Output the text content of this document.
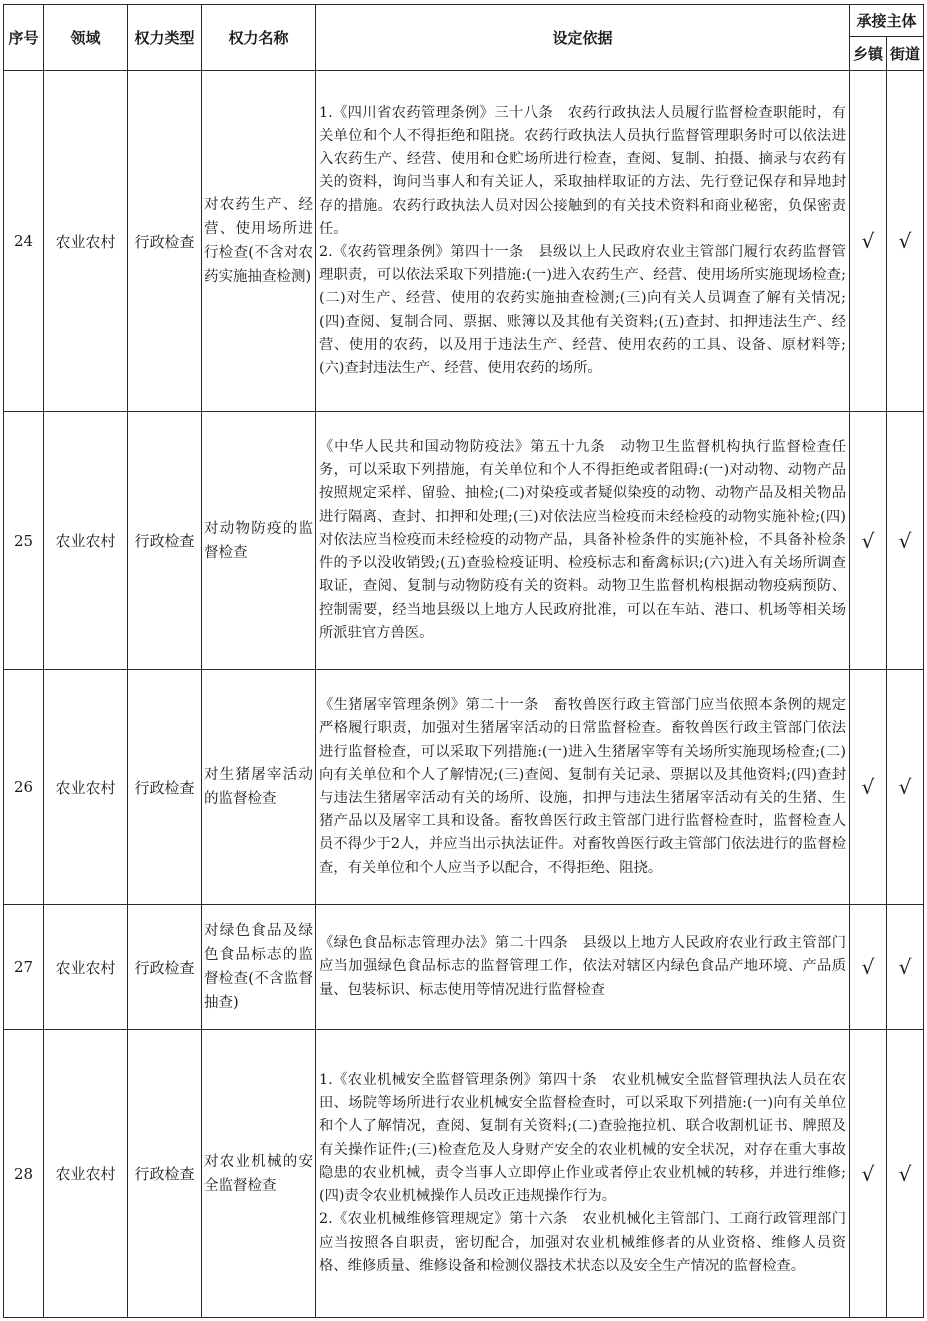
序号	领域	权力类型	权力名称	设定依据	承接主体	
					乡镇	街道
24	农业农村	行政检查	对农药生产、经营、使用场所进行检查(不含对农药实施抽查检测)	1.《四川省农药管理条例》三十八条　农药行政执法人员履行监督检查职能时，有关单位和个人不得拒绝和阻挠。农药行政执法人员执行监督管理职务时可以依法进入农药生产、经营、使用和仓贮场所进行检查，查阅、复制、拍摄、摘录与农药有关的资料，询问当事人和有关证人，采取抽样取证的方法、先行登记保存和异地封存的措施。农药行政执法人员对因公接触到的有关技术资料和商业秘密，负保密责任。

2.《农药管理条例》第四十一条　县级以上人民政府农业主管部门履行农药监督管理职责，可以依法采取下列措施:(一)进入农药生产、经营、使用场所实施现场检查;(二)对生产、经营、使用的农药实施抽查检测;(三)向有关人员调查了解有关情况;(四)查阅、复制合同、票据、账簿以及其他有关资料;(五)查封、扣押违法生产、经营、使用的农药，以及用于违法生产、经营、使用农药的工具、设备、原材料等;(六)查封违法生产、经营、使用农药的场所。	√	√
25	农业农村	行政检查	对动物防疫的监督检查	《中华人民共和国动物防疫法》第五十九条　动物卫生监督机构执行监督检查任务，可以采取下列措施，有关单位和个人不得拒绝或者阻碍:(一)对动物、动物产品按照规定采样、留验、抽检;(二)对染疫或者疑似染疫的动物、动物产品及相关物品进行隔离、查封、扣押和处理;(三)对依法应当检疫而未经检疫的动物实施补检;(四)对依法应当检疫而未经检疫的动物产品，具备补检条件的实施补检，不具备补检条件的予以没收销毁;(五)查验检疫证明、检疫标志和畜禽标识;(六)进入有关场所调查取证，查阅、复制与动物防疫有关的资料。动物卫生监督机构根据动物疫病预防、控制需要，经当地县级以上地方人民政府批准，可以在车站、港口、机场等相关场所派驻官方兽医。	√	√
26	农业农村	行政检查	对生猪屠宰活动的监督检查	《生猪屠宰管理条例》第二十一条　畜牧兽医行政主管部门应当依照本条例的规定严格履行职责，加强对生猪屠宰活动的日常监督检查。畜牧兽医行政主管部门依法进行监督检查，可以采取下列措施:(一)进入生猪屠宰等有关场所实施现场检查;(二)向有关单位和个人了解情况;(三)查阅、复制有关记录、票据以及其他资料;(四)查封与违法生猪屠宰活动有关的场所、设施，扣押与违法生猪屠宰活动有关的生猪、生猪产品以及屠宰工具和设备。畜牧兽医行政主管部门进行监督检查时，监督检查人员不得少于2人，并应当出示执法证件。对畜牧兽医行政主管部门依法进行的监督检查，有关单位和个人应当予以配合，不得拒绝、阻挠。	√	√
27	农业农村	行政检查	对绿色食品及绿色食品标志的监督检查(不含监督抽查)	《绿色食品标志管理办法》第二十四条　县级以上地方人民政府农业行政主管部门应当加强绿色食品标志的监督管理工作，依法对辖区内绿色食品产地环境、产品质量、包装标识、标志使用等情况进行监督检查	√	√
28	农业农村	行政检查	对农业机械的安全监督检查	1.《农业机械安全监督管理条例》第四十条　农业机械安全监督管理执法人员在农田、场院等场所进行农业机械安全监督检查时，可以采取下列措施:(一)向有关单位和个人了解情况，查阅、复制有关资料;(二)查验拖拉机、联合收割机证书、牌照及有关操作证件;(三)检查危及人身财产安全的农业机械的安全状况，对存在重大事故隐患的农业机械，责令当事人立即停止作业或者停止农业机械的转移，并进行维修;(四)责令农业机械操作人员改正违规操作行为。

2.《农业机械维修管理规定》第十六条　农业机械化主管部门、工商行政管理部门应当按照各自职责，密切配合，加强对农业机械维修者的从业资格、维修人员资格、维修质量、维修设备和检测仪器技术状态以及安全生产情况的监督检查。	√	√
